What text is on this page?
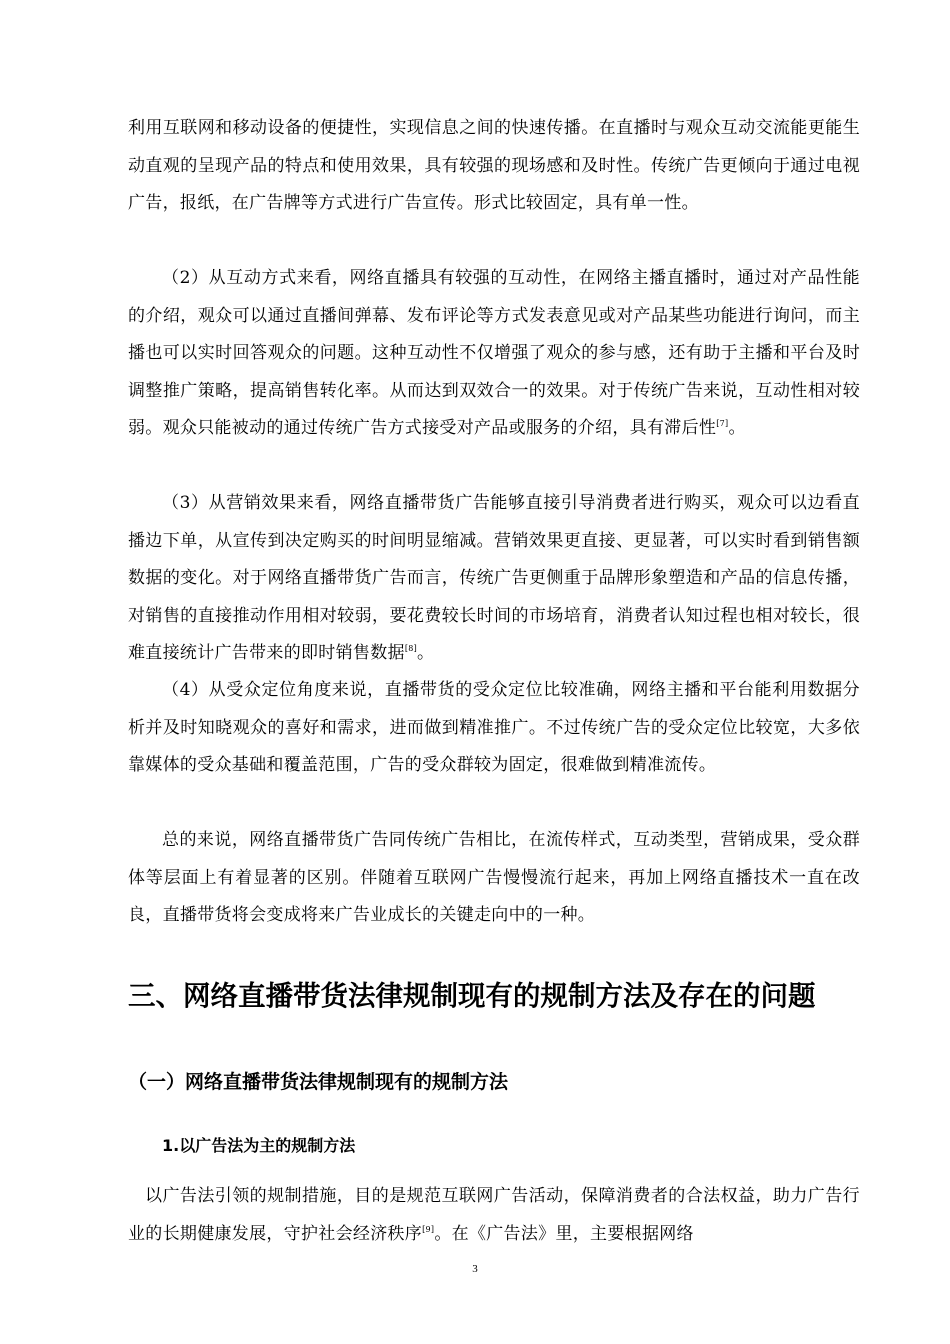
利用互联网和移动设备的便捷性，实现信息之间的快速传播。在直播时与观众互动交流能更能生动直观的呈现产品的特点和使用效果，具有较强的现场感和及时性。传统广告更倾向于通过电视广告，报纸，在广告牌等方式进行广告宣传。形式比较固定，具有单一性。

（2）从互动方式来看，网络直播具有较强的互动性，在网络主播直播时，通过对产品性能的介绍，观众可以通过直播间弹幕、发布评论等方式发表意见或对产品某些功能进行询问，而主播也可以实时回答观众的问题。这种互动性不仅增强了观众的参与感，还有助于主播和平台及时调整推广策略，提高销售转化率。从而达到双效合一的效果。对于传统广告来说，互动性相对较弱。观众只能被动的通过传统广告方式接受对产品或服务的介绍，具有滞后性[7]。

（3）从营销效果来看，网络直播带货广告能够直接引导消费者进行购买，观众可以边看直播边下单，从宣传到决定购买的时间明显缩减。营销效果更直接、更显著，可以实时看到销售额数据的变化。对于网络直播带货广告而言，传统广告更侧重于品牌形象塑造和产品的信息传播，对销售的直接推动作用相对较弱，要花费较长时间的市场培育，消费者认知过程也相对较长，很难直接统计广告带来的即时销售数据[8]。

（4）从受众定位角度来说，直播带货的受众定位比较准确，网络主播和平台能利用数据分析并及时知晓观众的喜好和需求，进而做到精准推广。不过传统广告的受众定位比较宽，大多依靠媒体的受众基础和覆盖范围，广告的受众群较为固定，很难做到精准流传。

总的来说，网络直播带货广告同传统广告相比，在流传样式，互动类型，营销成果，受众群体等层面上有着显著的区别。伴随着互联网广告慢慢流行起来，再加上网络直播技术一直在改良，直播带货将会变成将来广告业成长的关键走向中的一种。

三、网络直播带货法律规制现有的规制方法及存在的问题
（一）网络直播带货法律规制现有的规制方法
1.以广告法为主的规制方法

以广告法引领的规制措施，目的是规范互联网广告活动，保障消费者的合法权益，助力广告行业的长期健康发展，守护社会经济秩序[9]。在《广告法》里，主要根据网络

3
